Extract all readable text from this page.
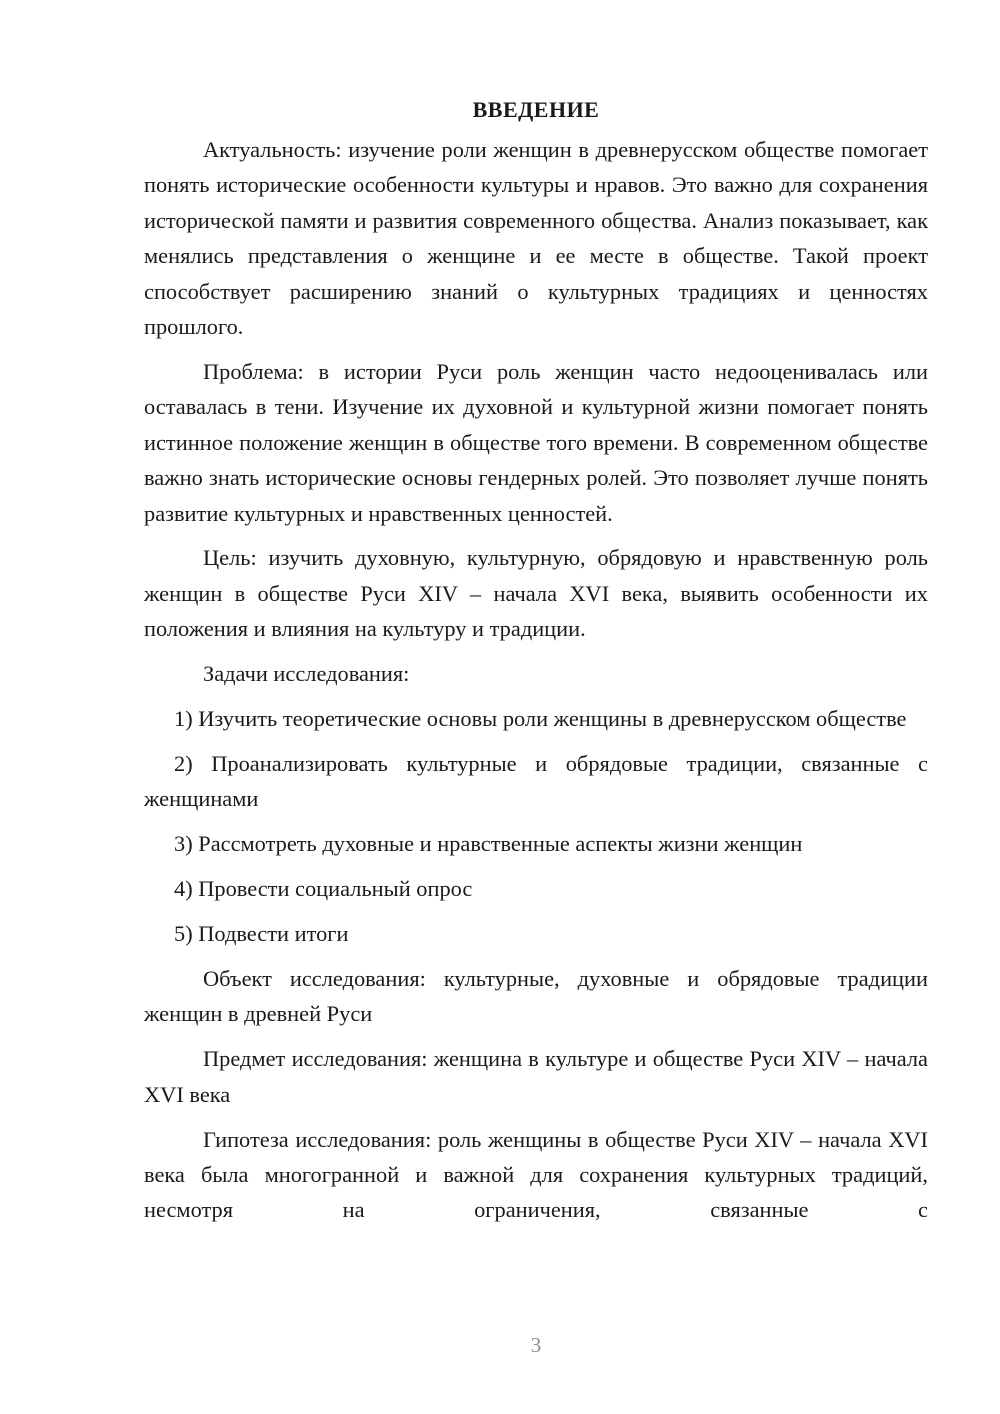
ВВЕДЕНИЕ

Актуальность: изучение роли женщин в древнерусском обществе помогает понять исторические особенности культуры и нравов. Это важно для сохранения исторической памяти и развития современного общества. Анализ показывает, как менялись представления о женщине и ее месте в обществе. Такой проект способствует расширению знаний о культурных традициях и ценностях прошлого.

Проблема: в истории Руси роль женщин часто недооценивалась или оставалась в тени. Изучение их духовной и культурной жизни помогает понять истинное положение женщин в обществе того времени. В современном обществе важно знать исторические основы гендерных ролей. Это позволяет лучше понять развитие культурных и нравственных ценностей.

Цель: изучить духовную, культурную, обрядовую и нравственную роль женщин в обществе Руси XIV – начала XVI века, выявить особенности их положения и влияния на культуру и традиции.

Задачи исследования:

1) Изучить теоретические основы роли женщины в древнерусском обществе

2) Проанализировать культурные и обрядовые традиции, связанные с женщинами

3) Рассмотреть духовные и нравственные аспекты жизни женщин

4) Провести социальный опрос

5) Подвести итоги

Объект исследования: культурные, духовные и обрядовые традиции женщин в древней Руси

Предмет исследования: женщина в культуре и обществе Руси XIV – начала XVI века

Гипотеза исследования: роль женщины в обществе Руси XIV – начала XVI века была многогранной и важной для сохранения культурных традиций, несмотря на ограничения, связанные с

3
